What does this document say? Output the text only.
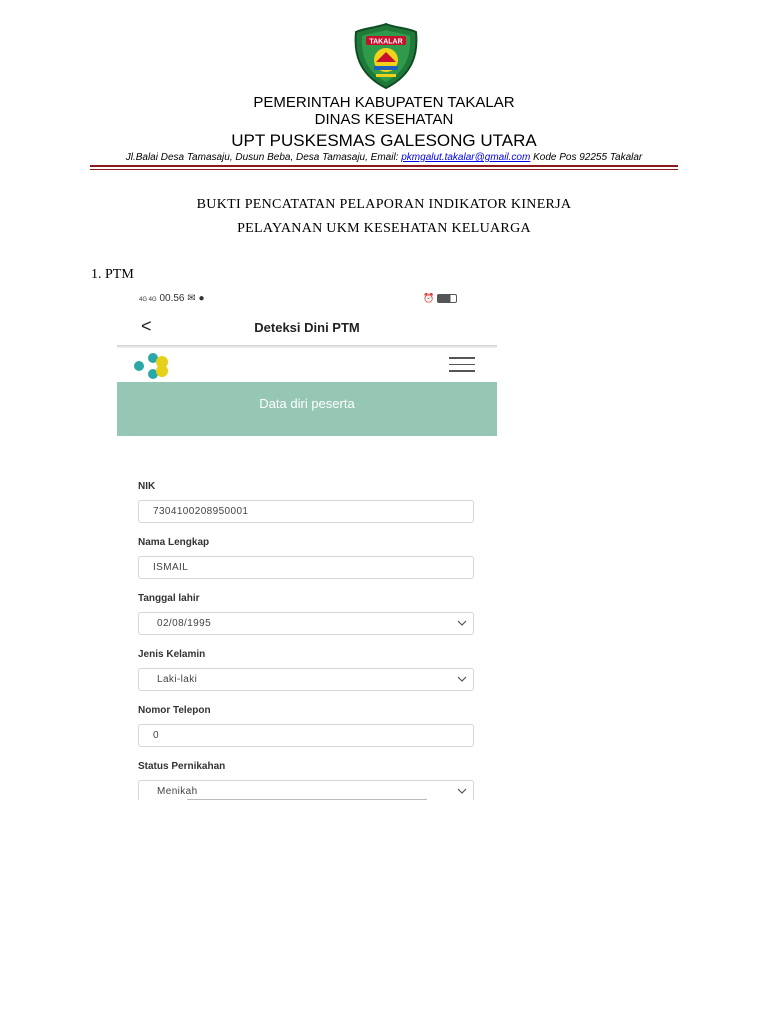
TAKALAR
PEMERINTAH KABUPATEN TAKALAR
DINAS KESEHATAN
UPT PUSKESMAS GALESONG UTARA
Jl.Balai Desa Tamasaju, Dusun Beba, Desa Tamasaju, Email: pkmgalut.takalar@gmail.com Kode Pos 92255 Takalar
BUKTI PENCATATAN PELAPORAN INDIKATOR KINERJA
PELAYANAN UKM KESEHATAN KELUARGA
1. PTM
4G 4G 00.56 ✉ ●	⏰
<	Deteksi Dini PTM
Data diri peserta
NIK
7304100208950001
Nama Lengkap
ISMAIL
Tanggal lahir
02/08/1995
Jenis Kelamin
Laki-laki
Nomor Telepon
0
Status Pernikahan
Menikah
